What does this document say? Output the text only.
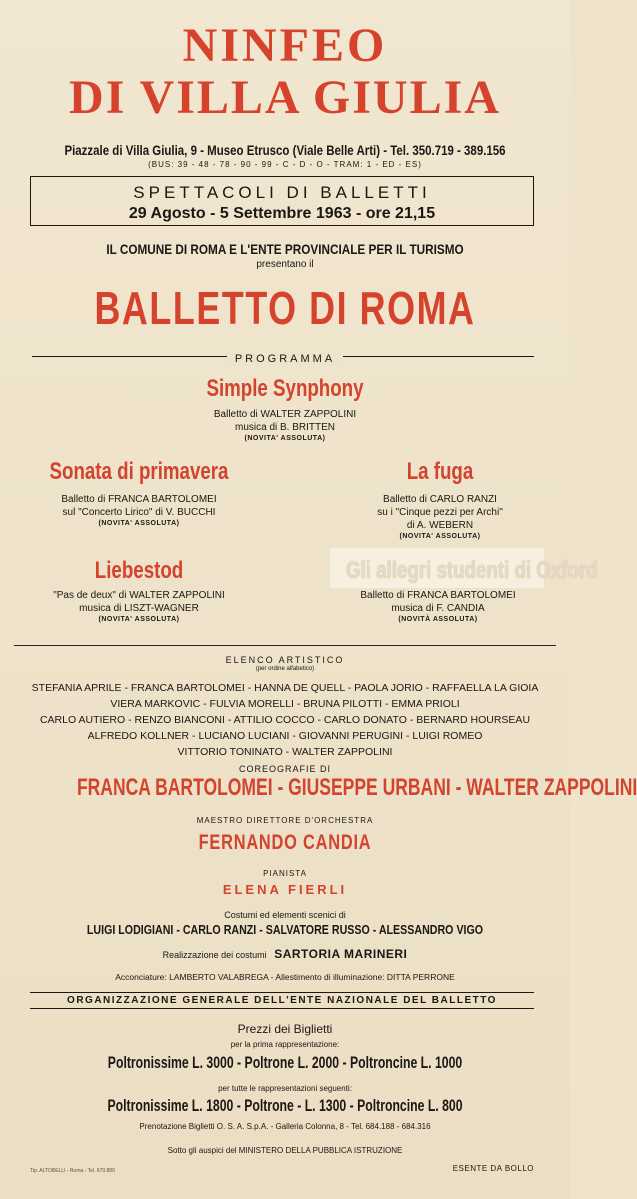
NINFEO
DI VILLA GIULIA
Piazzale di Villa Giulia, 9 - Museo Etrusco (Viale Belle Arti) - Tel. 350.719 - 389.156
(BUS: 39 - 48 - 78 - 90 - 99 - C - D - O - TRAM: 1 - ED - ES)
SPETTACOLI DI BALLETTI
29 Agosto - 5 Settembre 1963 - ore 21,15
IL COMUNE DI ROMA E L'ENTE PROVINCIALE PER IL TURISMO
presentano il
BALLETTO DI ROMA
PROGRAMMA
Simple Synphony
Balletto di WALTER ZAPPOLINI
musica di B. BRITTEN
(NOVITA' ASSOLUTA)
Sonata di primavera
Balletto di FRANCA BARTOLOMEI
sul "Concerto Lirico" di V. BUCCHI
(NOVITA' ASSOLUTA)
La fuga
Balletto di CARLO RANZI
su i "Cinque pezzi per Archi"
di A. WEBERN
(NOVITA' ASSOLUTA)
Liebestod
"Pas de deux" di WALTER ZAPPOLINI
musica di LISZT-WAGNER
(NOVITA' ASSOLUTA)
Gli allegri studenti di Oxford
Balletto di FRANCA BARTOLOMEI
musica di F. CANDIA
(NOVITÀ ASSOLUTA)
ELENCO ARTISTICO
(per ordine alfabetico)
STEFANIA APRILE - FRANCA BARTOLOMEI - HANNA DE QUELL - PAOLA JORIO - RAFFAELLA LA GIOIA
VIERA MARKOVIC - FULVIA MORELLI - BRUNA PILOTTI - EMMA PRIOLI
CARLO AUTIERO - RENZO BIANCONI - ATTILIO COCCO - CARLO DONATO - BERNARD HOURSEAU
ALFREDO KOLLNER - LUCIANO LUCIANI - GIOVANNI PERUGINI - LUIGI ROMEO
VITTORIO TONINATO - WALTER ZAPPOLINI
COREOGRAFIE DI
FRANCA BARTOLOMEI - GIUSEPPE URBANI - WALTER ZAPPOLINI
MAESTRO DIRETTORE D'ORCHESTRA
FERNANDO CANDIA
PIANISTA
ELENA FIERLI
Costumi ed elementi scenici di
LUIGI LODIGIANI - CARLO RANZI - SALVATORE RUSSO - ALESSANDRO VIGO
Realizzazione dei costumi SARTORIA MARINERI
Acconciature: LAMBERTO VALABREGA - Allestimento di illuminazione: DITTA PERRONE
ORGANIZZAZIONE GENERALE DELL'ENTE NAZIONALE DEL BALLETTO
Prezzi dei Biglietti
per la prima rappresentazione:
Poltronissime L. 3000 - Poltrone L. 2000 - Poltroncine L. 1000
per tutte le rappresentazioni seguenti:
Poltronissime L. 1800 - Poltrone - L. 1300 - Poltroncine L. 800
Prenotazione Biglietti O. S. A. S.p.A. - Galleria Colonna, 8 - Tel. 684.188 - 684.316
Sotto gli auspici del MINISTERO DELLA PUBBLICA ISTRUZIONE
Tip. ALTOBELLI - Roma - Tel. 670.880	ESENTE DA BOLLO
